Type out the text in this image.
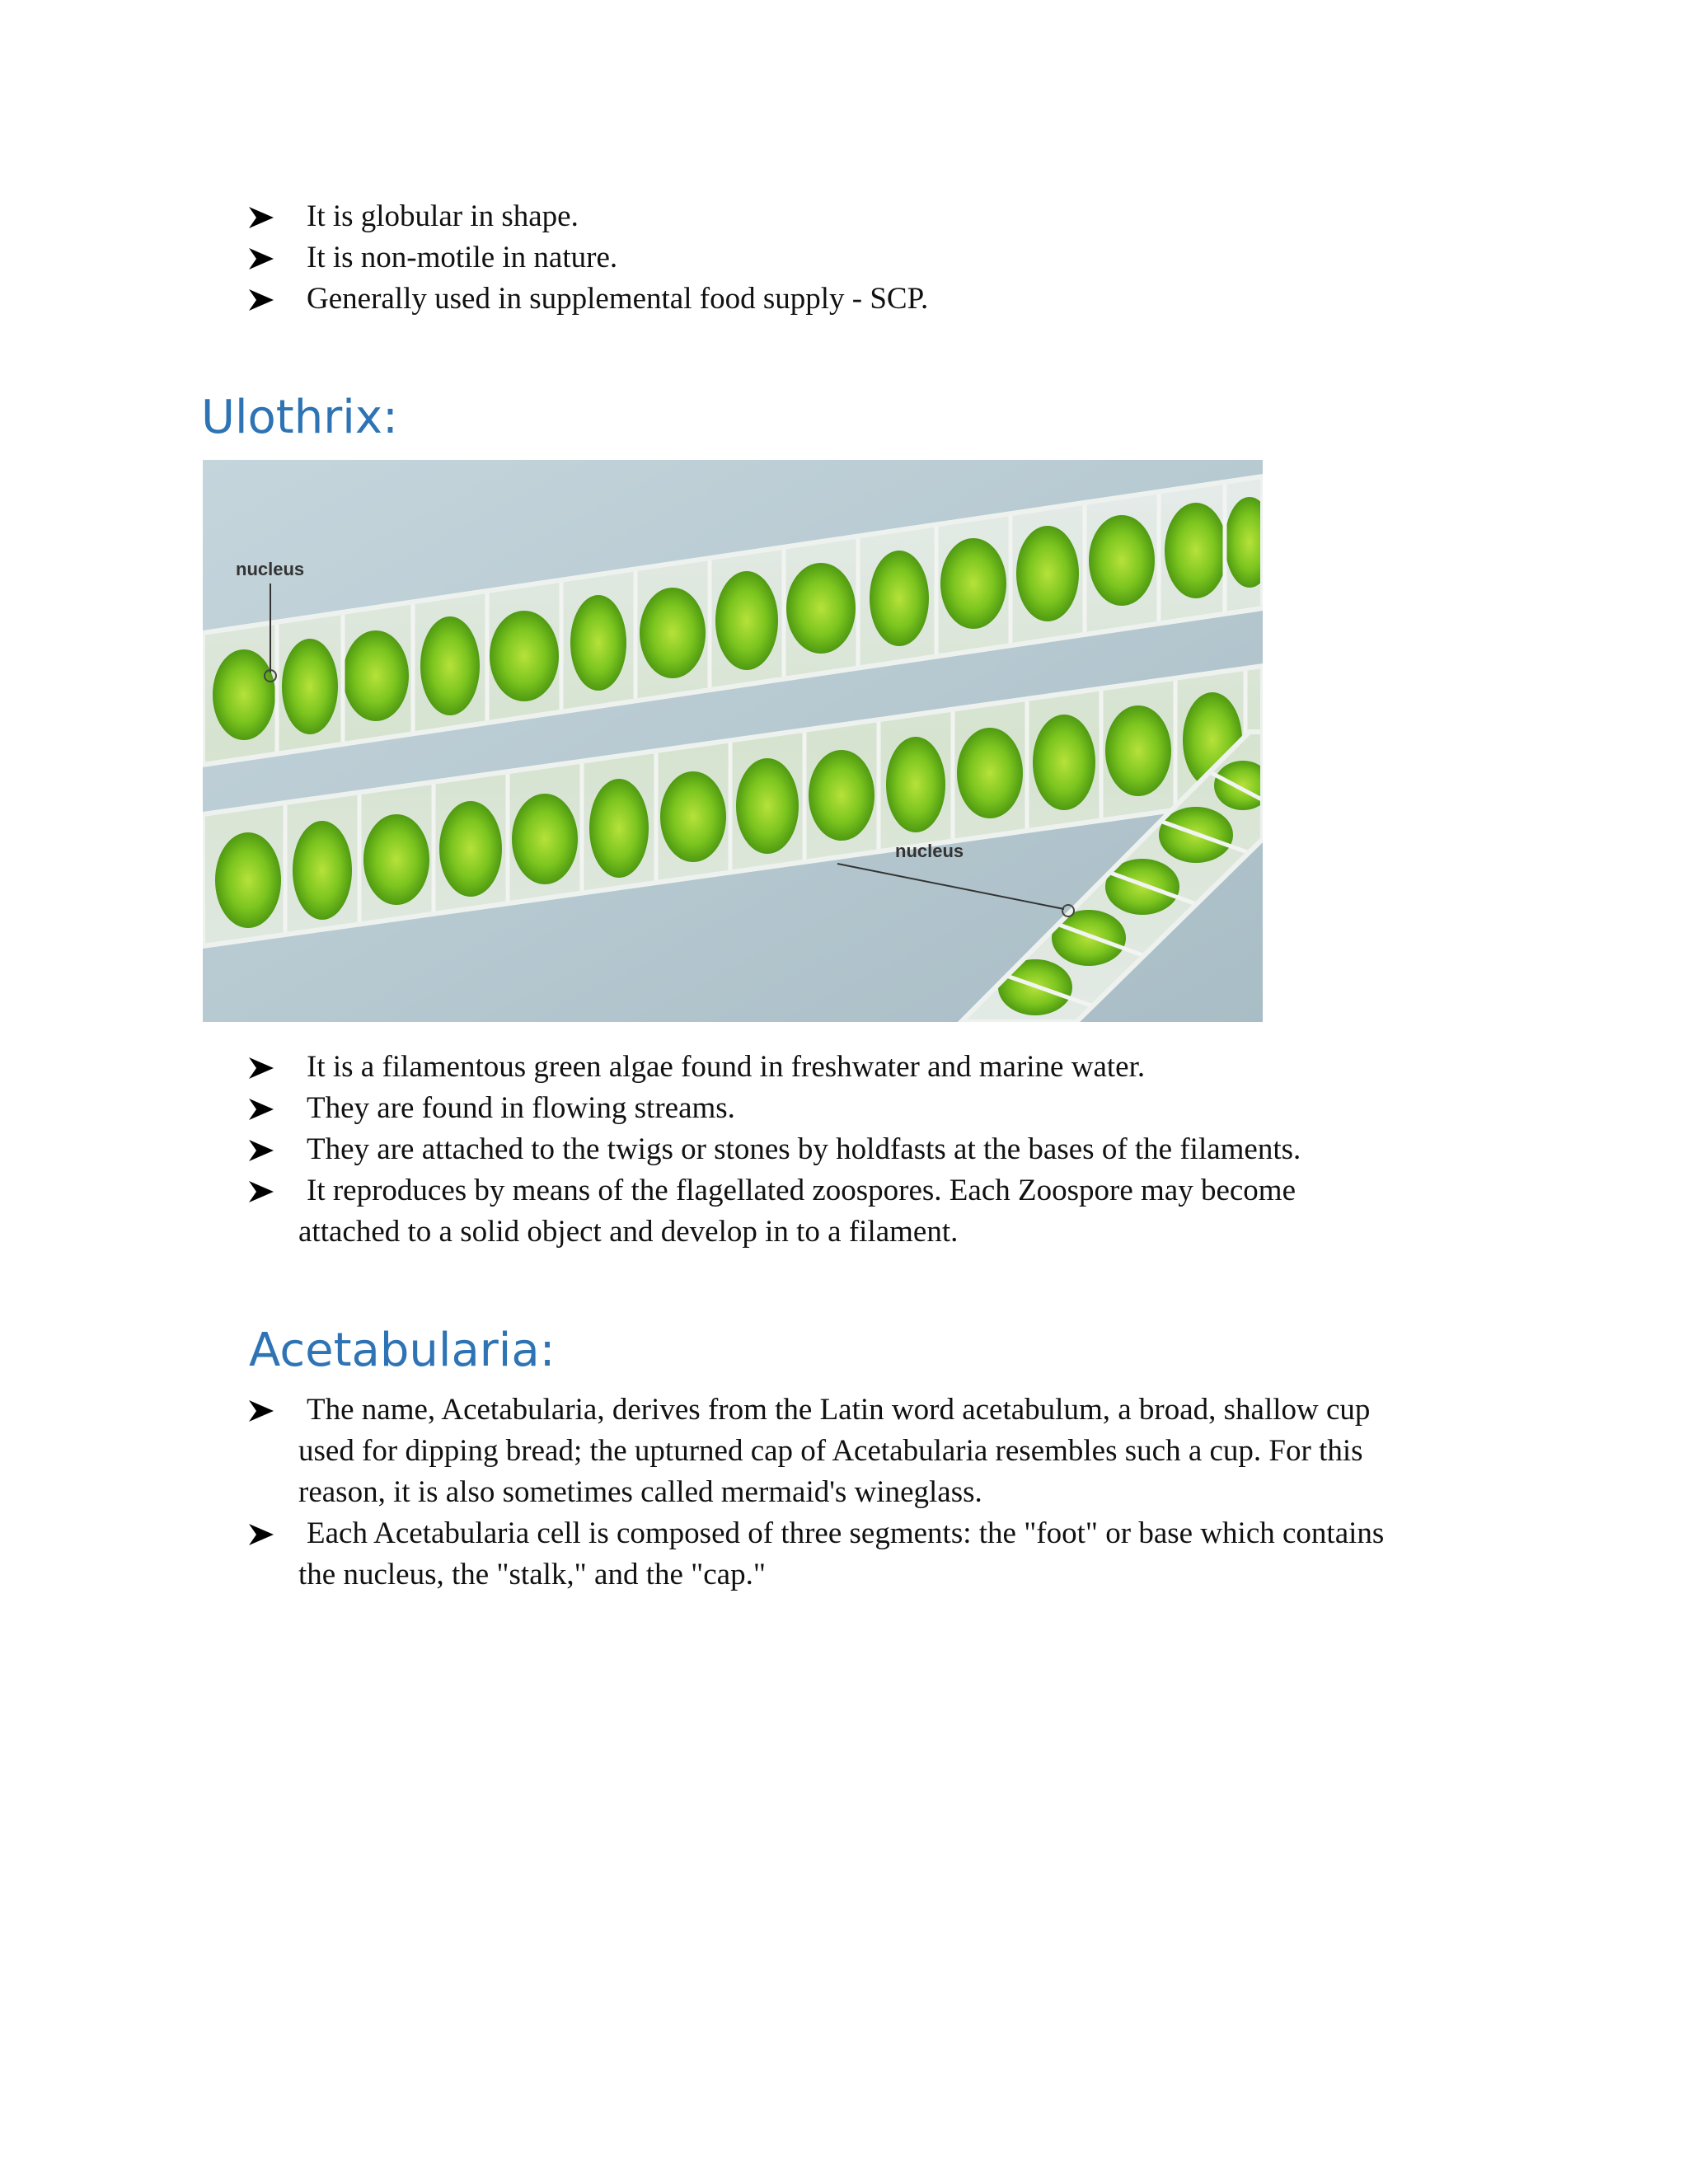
It is globular in shape.
It is non-motile in nature.
Generally used in supplemental food supply - SCP.
Ulothrix:
nucleus
nucleus
It is a filamentous green algae found in freshwater and marine water.
They are found in flowing streams.
They are attached to the twigs or stones by holdfasts at the bases of the filaments.
It reproduces by means of the flagellated zoospores. Each Zoospore may become
attached to a solid object and develop in to a filament.
Acetabularia:
The name, Acetabularia, derives from the Latin word acetabulum, a broad, shallow cup
used for dipping bread; the upturned cap of Acetabularia resembles such a cup. For this
reason, it is also sometimes called mermaid's wineglass.
Each Acetabularia cell is composed of three segments: the "foot" or base which contains
the nucleus, the "stalk," and the "cap."
